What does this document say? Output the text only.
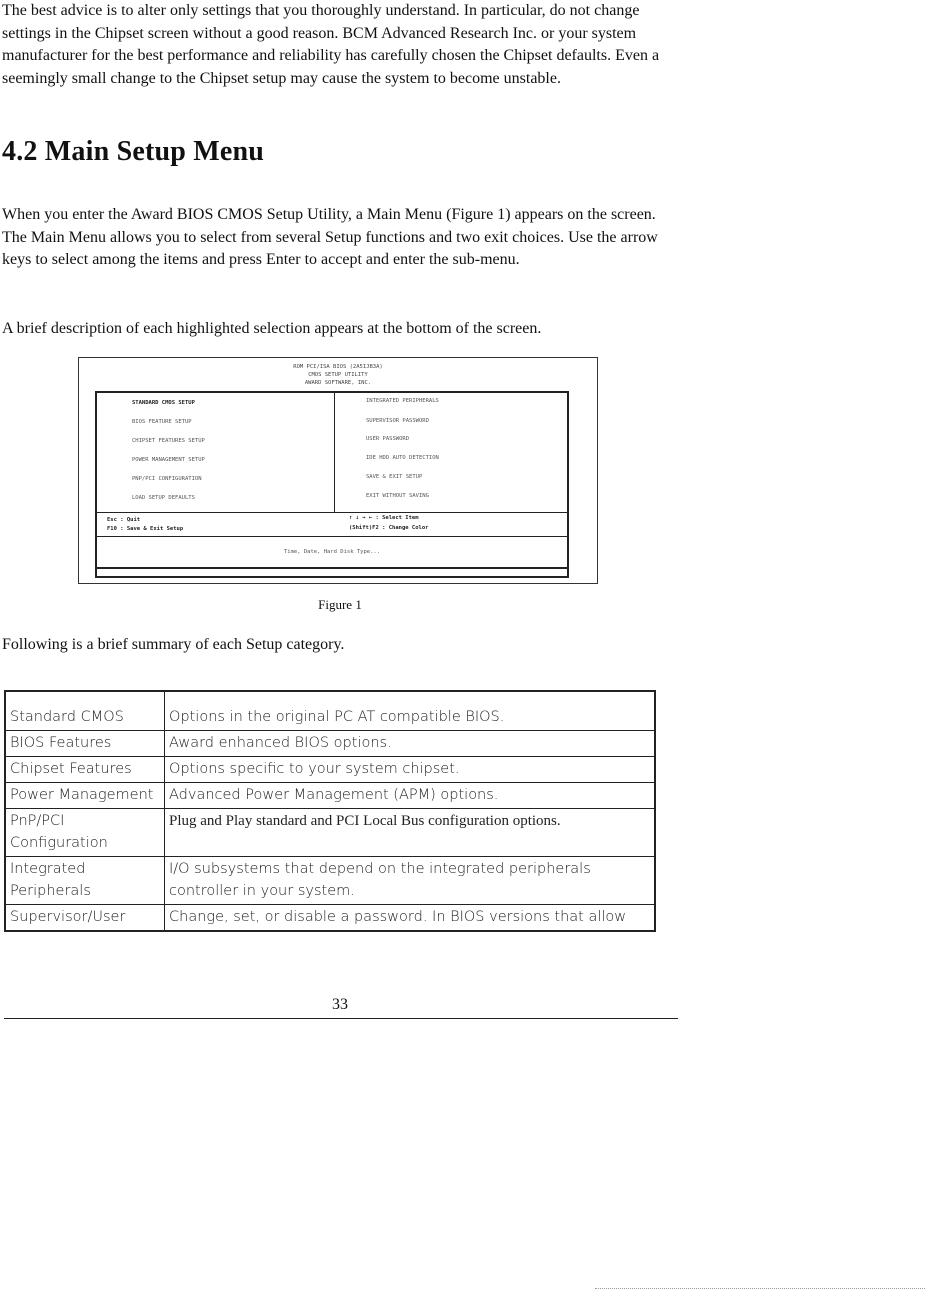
The best advice is to alter only settings that you thoroughly understand. In particular, do not change settings in the Chipset screen without a good reason. BCM Advanced Research Inc. or your system manufacturer for the best performance and reliability has carefully chosen the Chipset defaults. Even a seemingly small change to the Chipset setup may cause the system to become unstable.

4.2 Main Setup Menu

When you enter the Award BIOS CMOS Setup Utility, a Main Menu (Figure 1) appears on the screen. The Main Menu allows you to select from several Setup functions and two exit choices. Use the arrow keys to select among the items and press Enter to accept and enter the sub-menu.

A brief description of each highlighted selection appears at the bottom of the screen.

ROM PCI/ISA BIOS (2A5IJB3A)
CMOS SETUP UTILITY
AWARD SOFTWARE, INC.
STANDARD CMOS SETUP
BIOS FEATURE SETUP
CHIPSET FEATURES SETUP
POWER MANAGEMENT SETUP
PNP/PCI CONFIGURATION
LOAD SETUP DEFAULTS
INTEGRATED PERIPHERALS
SUPERVISOR PASSWORD
USER PASSWORD
IDE HDD AUTO DETECTION
SAVE & EXIT SETUP
EXIT WITHOUT SAVING
Esc : Quit
F10 : Save & Exit Setup
↑ ↓ → ← : Select Item
(Shift)F2 : Change Color
Time, Date, Hard Disk Type...
Figure 1

Following is a brief summary of each Setup category.

Standard CMOS	Options in the original PC AT compatible BIOS.
BIOS Features	Award enhanced BIOS options.
Chipset Features	Options specific to your system chipset.
Power Management	Advanced Power Management (APM) options.
PnP/PCI Configuration	Plug and Play standard and PCI Local Bus configuration options.
Integrated Peripherals	I/O subsystems that depend on the integrated peripherals controller in your system.
Supervisor/User	Change, set, or disable a password. In BIOS versions that allow
33
